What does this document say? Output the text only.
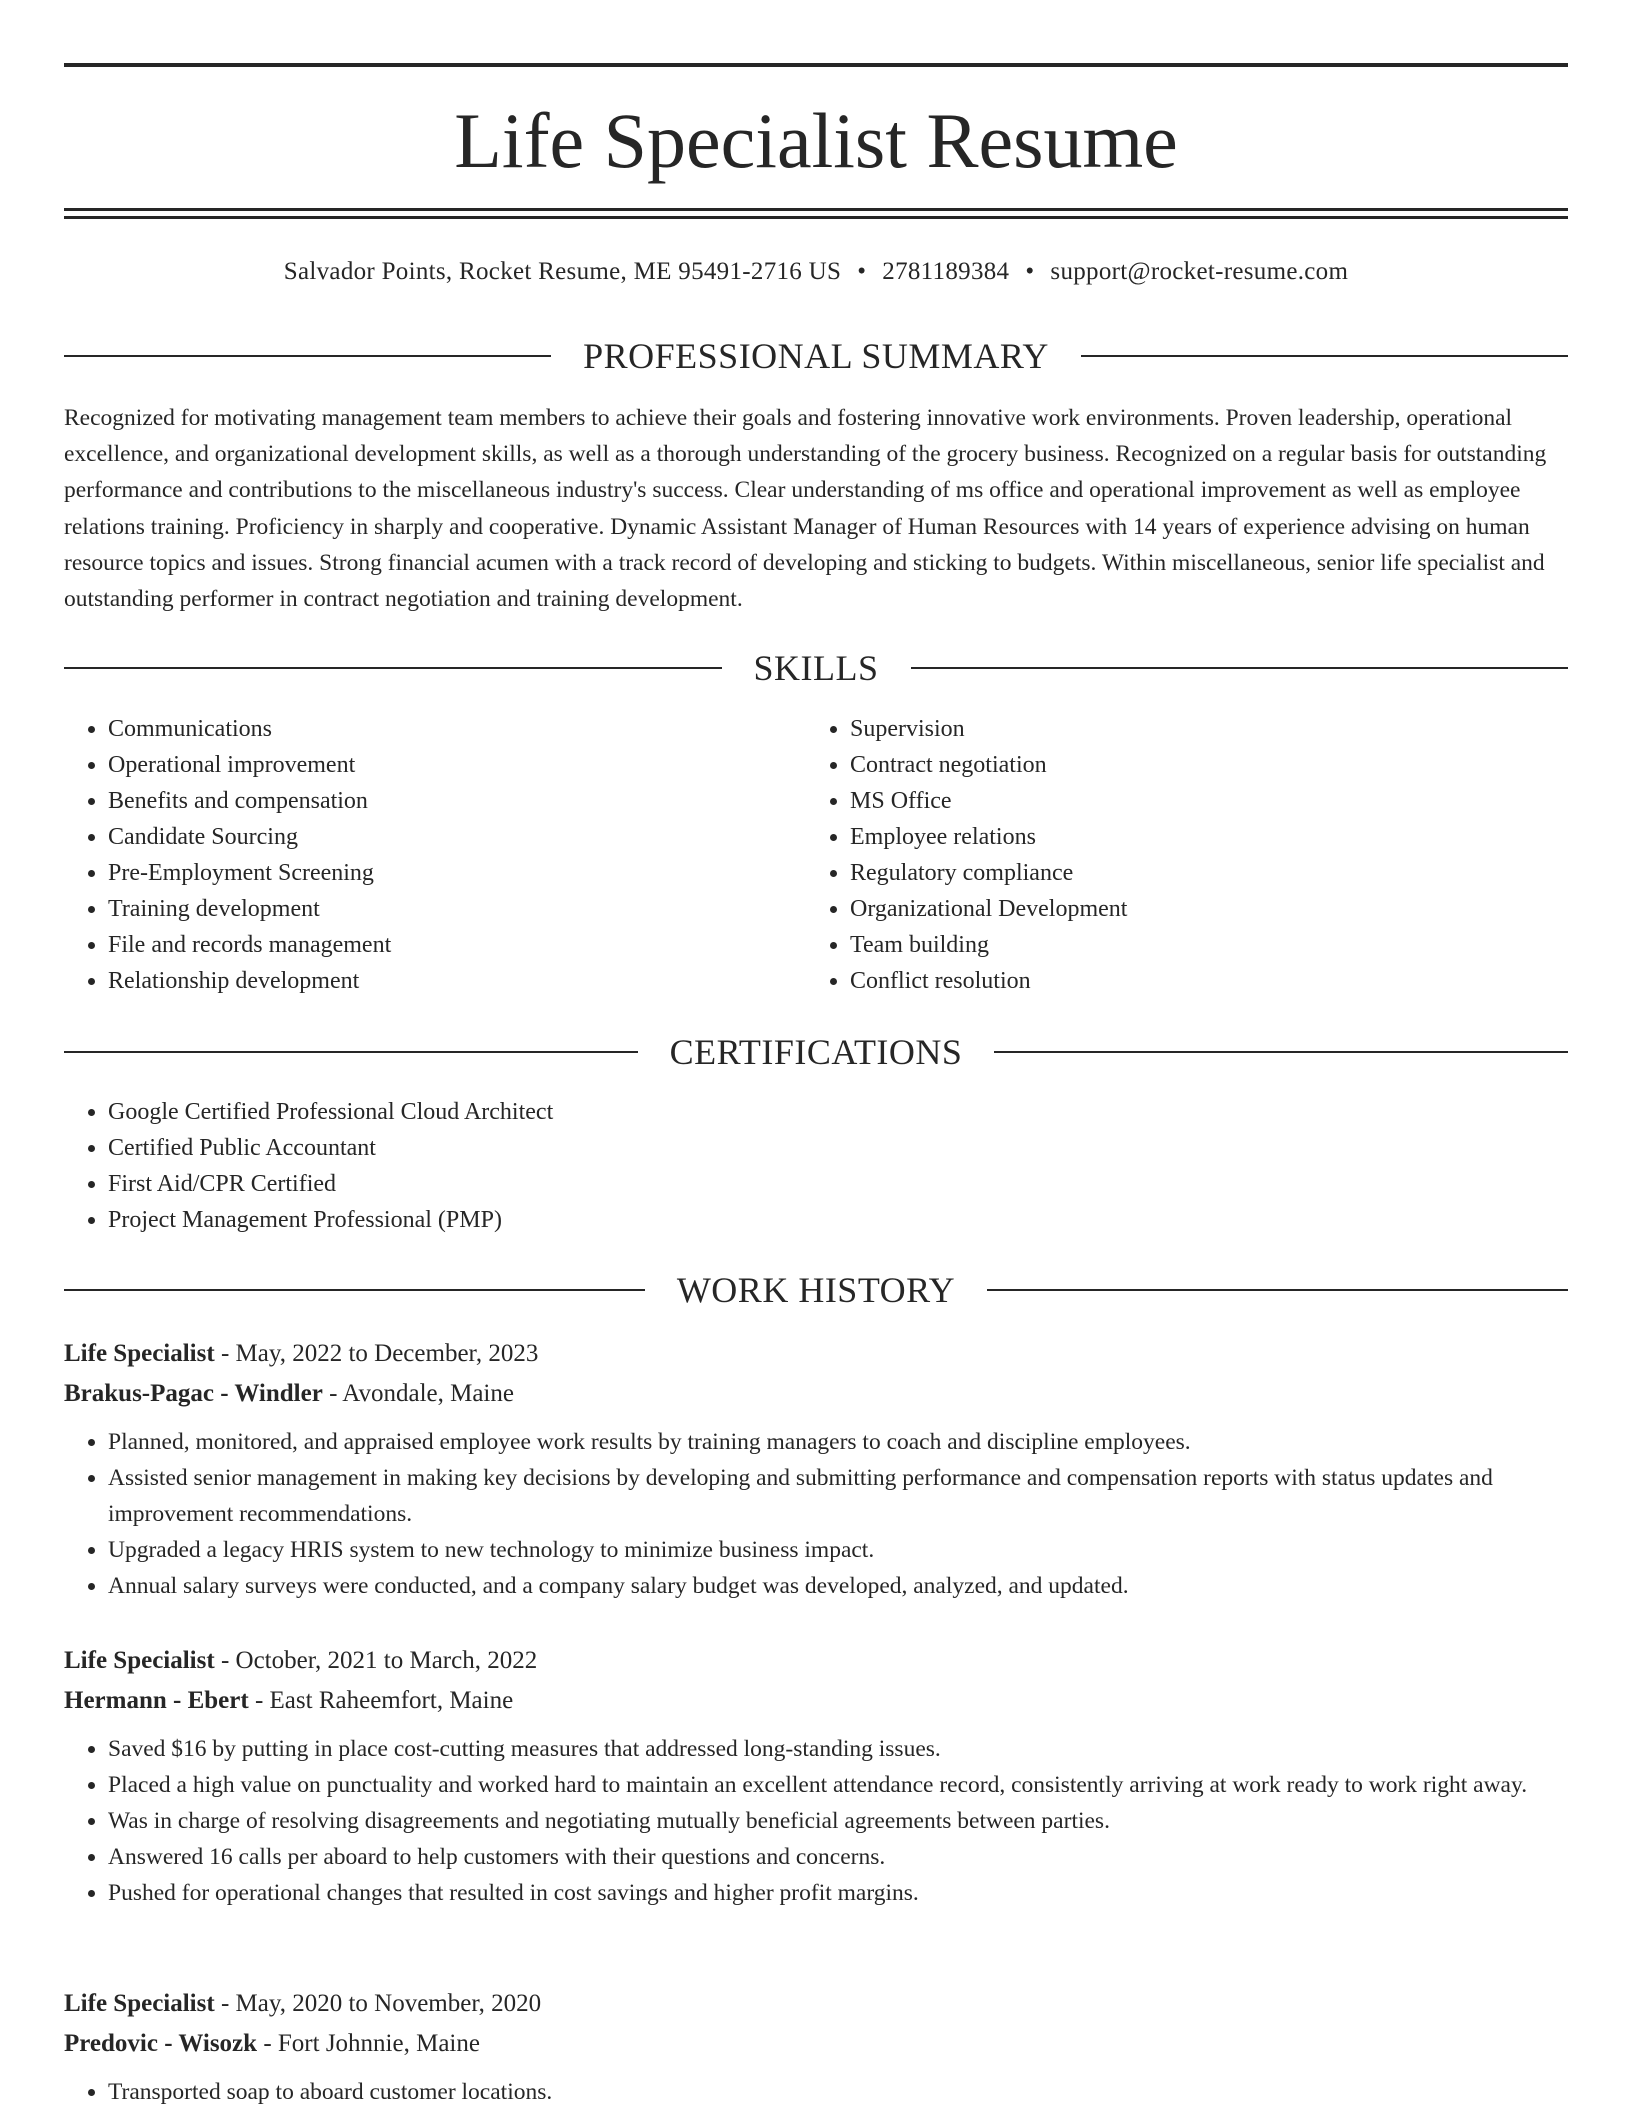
Life Specialist Resume
Salvador Points, Rocket Resume, ME 95491-2716 US • 2781189384 • support@rocket-resume.com
PROFESSIONAL SUMMARY

Recognized for motivating management team members to achieve their goals and fostering innovative work environments. Proven leadership, operational excellence, and organizational development skills, as well as a thorough understanding of the grocery business. Recognized on a regular basis for outstanding performance and contributions to the miscellaneous industry's success. Clear understanding of ms office and operational improvement as well as employee relations training. Proficiency in sharply and cooperative. Dynamic Assistant Manager of Human Resources with 14 years of experience advising on human resource topics and issues. Strong financial acumen with a track record of developing and sticking to budgets. Within miscellaneous, senior life specialist and outstanding performer in contract negotiation and training development.

SKILLS
• Communications
• Operational improvement
• Benefits and compensation
• Candidate Sourcing
• Pre-Employment Screening
• Training development
• File and records management
• Relationship development
• Supervision
• Contract negotiation
• MS Office
• Employee relations
• Regulatory compliance
• Organizational Development
• Team building
• Conflict resolution
CERTIFICATIONS
• Google Certified Professional Cloud Architect
• Certified Public Accountant
• First Aid/CPR Certified
• Project Management Professional (PMP)
WORK HISTORY
Life Specialist - May, 2022 to December, 2023
Brakus-Pagac - Windler - Avondale, Maine
• Planned, monitored, and appraised employee work results by training managers to coach and discipline employees.
• Assisted senior management in making key decisions by developing and submitting performance and compensation reports with status updates and improvement recommendations.
• Upgraded a legacy HRIS system to new technology to minimize business impact.
• Annual salary surveys were conducted, and a company salary budget was developed, analyzed, and updated.
Life Specialist - October, 2021 to March, 2022
Hermann - Ebert - East Raheemfort, Maine
• Saved $16 by putting in place cost-cutting measures that addressed long-standing issues.
• Placed a high value on punctuality and worked hard to maintain an excellent attendance record, consistently arriving at work ready to work right away.
• Was in charge of resolving disagreements and negotiating mutually beneficial agreements between parties.
• Answered 16 calls per aboard to help customers with their questions and concerns.
• Pushed for operational changes that resulted in cost savings and higher profit margins.
Life Specialist - May, 2020 to November, 2020
Predovic - Wisozk - Fort Johnnie, Maine
• Transported soap to aboard customer locations.
